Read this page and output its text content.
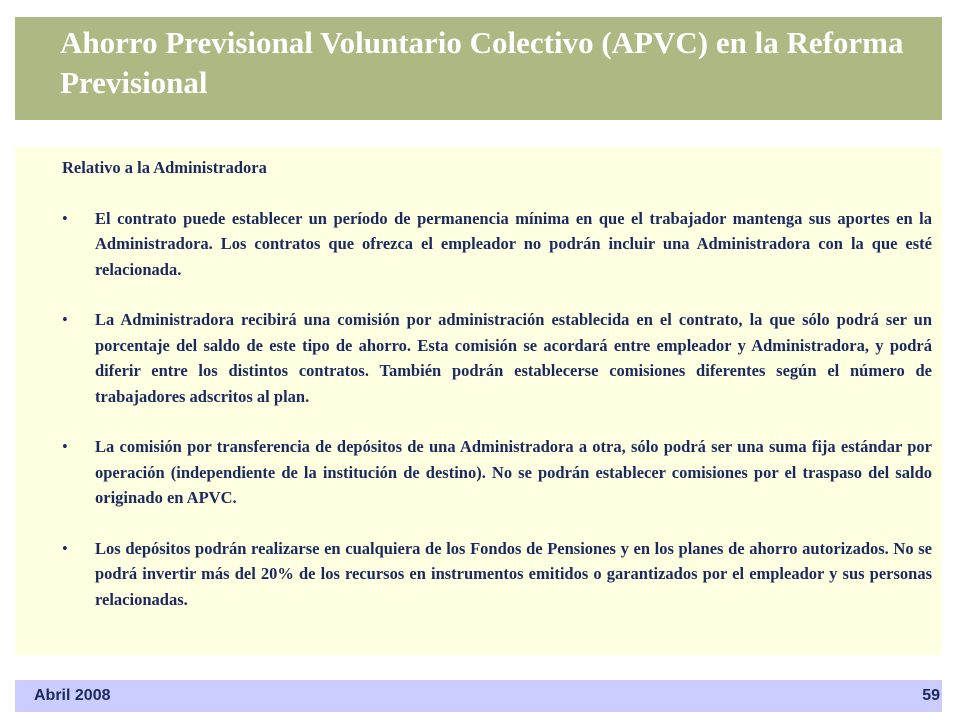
Ahorro Previsional Voluntario Colectivo (APVC) en la Reforma Previsional

Relativo a la Administradora

• El contrato puede establecer un período de permanencia mínima en que el trabajador mantenga sus aportes en la Administradora. Los contratos que ofrezca el empleador no podrán incluir una Administradora con la que esté relacionada.
• La Administradora recibirá una comisión por administración establecida en el contrato, la que sólo podrá ser un porcentaje del saldo de este tipo de ahorro. Esta comisión se acordará entre empleador y Administradora, y podrá diferir entre los distintos contratos. También podrán establecerse comisiones diferentes según el número de trabajadores adscritos al plan.
• La comisión por transferencia de depósitos de una Administradora a otra, sólo podrá ser una suma fija estándar por operación (independiente de la institución de destino). No se podrán establecer comisiones por el traspaso del saldo originado en APVC.
• Los depósitos podrán realizarse en cualquiera de los Fondos de Pensiones y en los planes de ahorro autorizados. No se podrá invertir más del 20% de los recursos en instrumentos emitidos o garantizados por el empleador y sus personas relacionadas.
Abril 2008	59
